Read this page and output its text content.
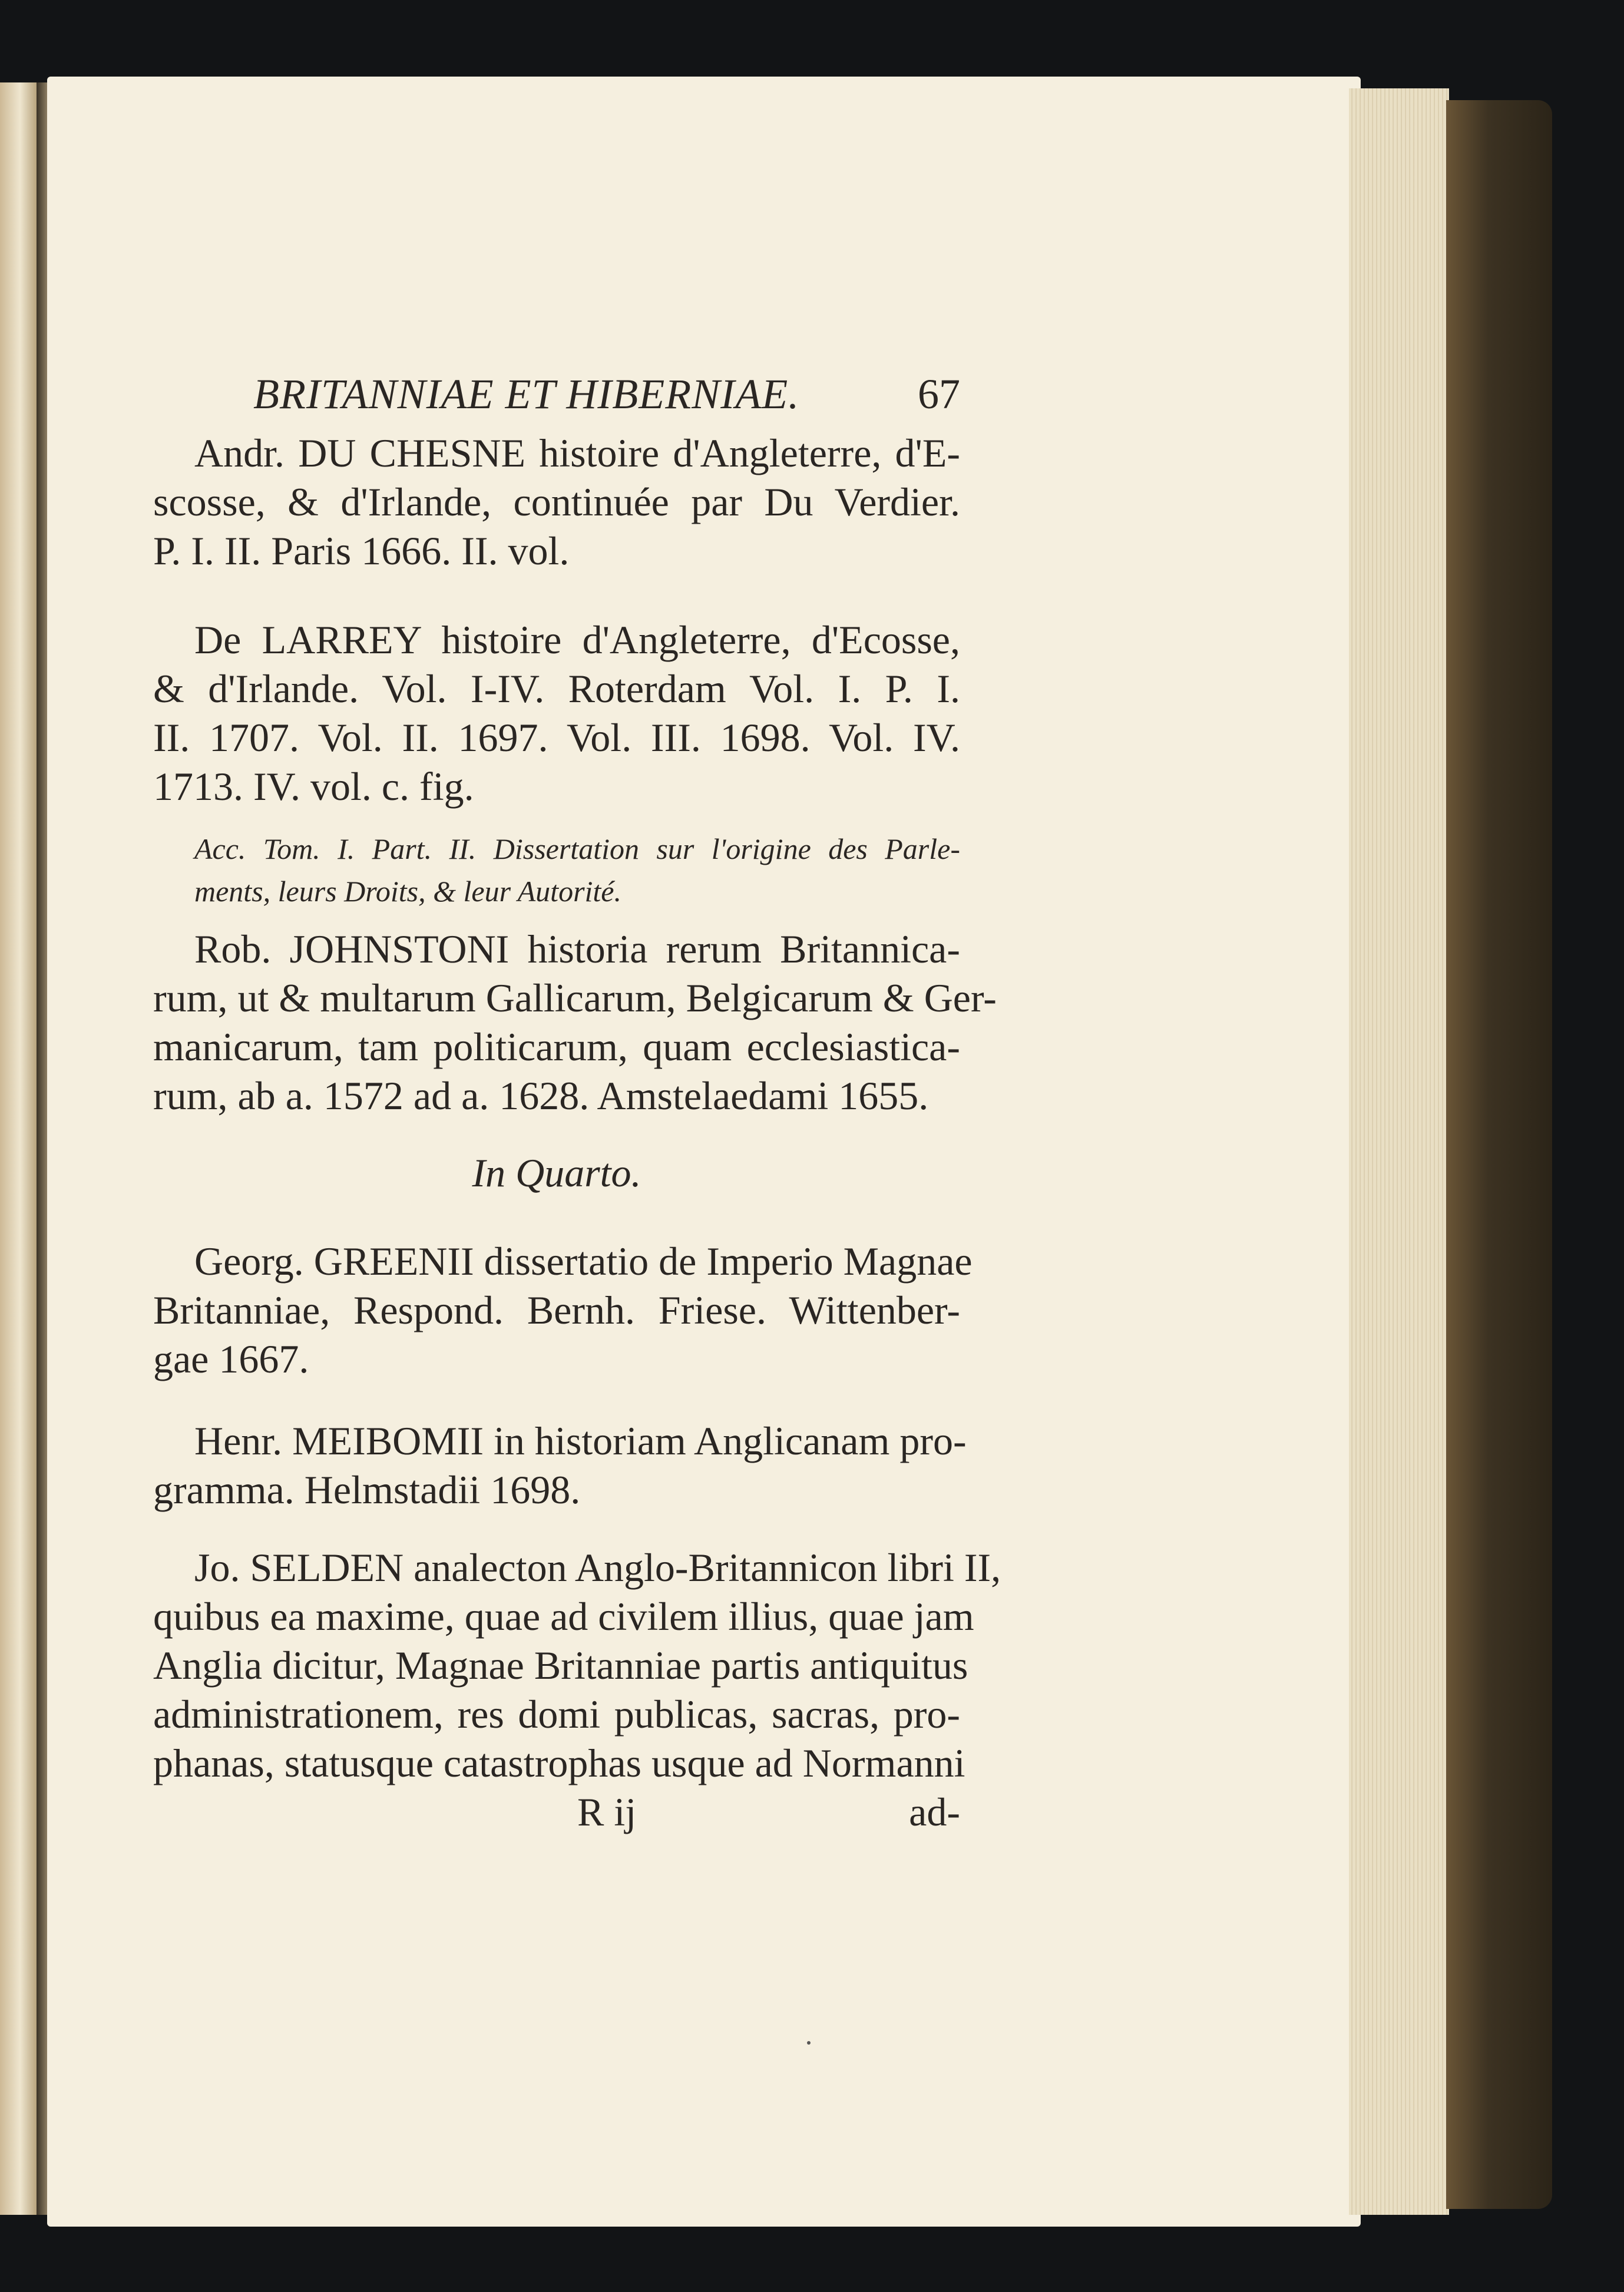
BRITANNIAE ET HIBERNIAE.	67
Andr. DU CHESNE histoire d'Angleterre, d'E-
scosse, & d'Irlande, continuée par Du Verdier.
P. I. II. Paris 1666. II. vol.
De LARREY histoire d'Angleterre, d'Ecosse,
& d'Irlande. Vol. I-IV. Roterdam Vol. I. P. I.
II. 1707. Vol. II. 1697. Vol. III. 1698. Vol. IV.
1713. IV. vol. c. fig.
Acc. Tom. I. Part. II. Dissertation sur l'origine des Parle-
ments, leurs Droits, & leur Autorité.
Rob. JOHNSTONI historia rerum Britannica-
rum, ut & multarum Gallicarum, Belgicarum & Ger-
manicarum, tam politicarum, quam ecclesiastica-
rum, ab a. 1572 ad a. 1628. Amstelaedami 1655.
In Quarto.
Georg. GREENII dissertatio de Imperio Magnae
Britanniae, Respond. Bernh. Friese. Wittenber-
gae 1667.
Henr. MEIBOMII in historiam Anglicanam pro-
gramma. Helmstadii 1698.
Jo. SELDEN analecton Anglo-Britannicon libri II,
quibus ea maxime, quae ad civilem illius, quae jam
Anglia dicitur, Magnae Britanniae partis antiquitus
administrationem, res domi publicas, sacras, pro-
phanas, statusque catastrophas usque ad Normanni
R ij	ad-
